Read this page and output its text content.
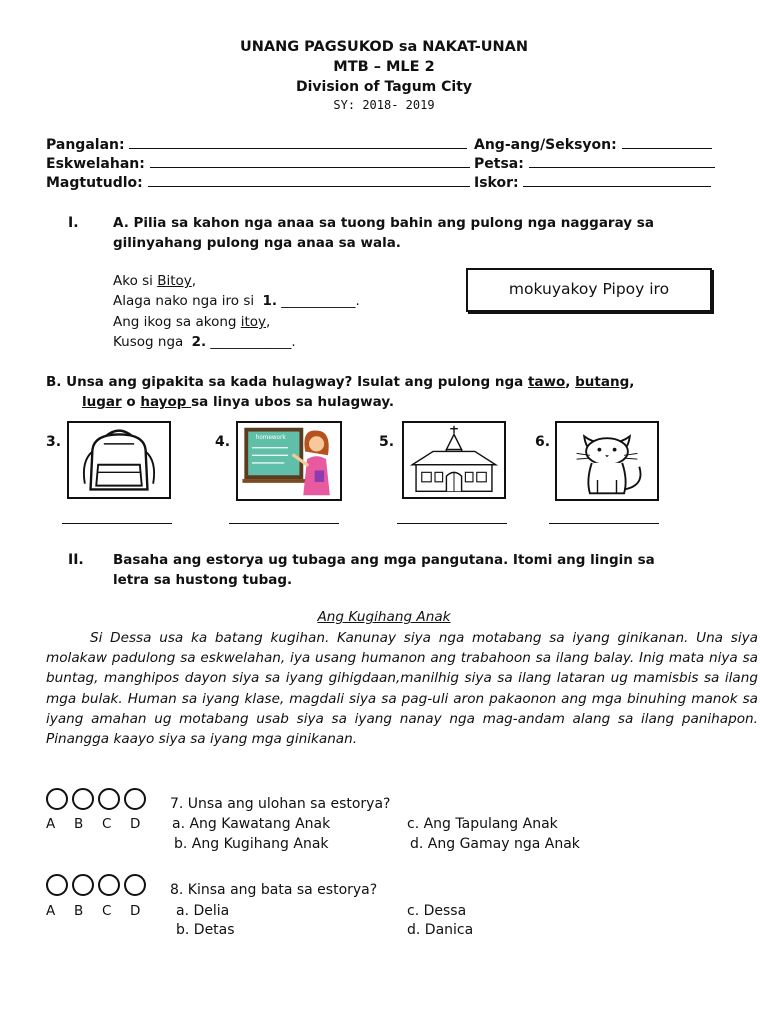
UNANG PAGSUKOD sa NAKAT-UNAN
MTB – MLE 2
Division of Tagum City
SY: 2018- 2019
Pangalan:	Ang-ang/Seksyon:
Eskwelahan:	Petsa:
Magtutudlo:	Iskor:
I.	A. Pilia sa kahon nga anaa sa tuong bahin ang pulong nga naggaray sa
gilinyahang pulong nga anaa sa wala.
Ako si Bitoy,
Alaga nako nga iro si 1. ___________.
Ang ikog sa akong itoy,
Kusog nga 2. ____________.
mokuyakoy Pipoy iro
B. Unsa ang gipakita sa kada hulagway? Isulat ang pulong nga tawo, butang,
lugar o hayop sa linya ubos sa hulagway.
3.	4.	5.	6.
homework
II. Basaha ang estorya ug tubaga ang mga pangutana. Itomi ang lingin sa
letra sa hustong tubag.
Ang Kugihang Anak

Si Dessa usa ka batang kugihan. Kanunay siya nga motabang sa iyang ginikanan. Una siya molakaw padulong sa eskwelahan, iya usang humanon ang trabahoon sa ilang balay. Inig mata niya sa buntag, manghipos dayon siya sa iyang gihigdaan,manilhig siya sa ilang lataran ug mamisbis sa ilang mga bulak. Human sa iyang klase, magdali siya sa pag-uli aron pakaonon ang mga binuhing manok sa iyang amahan ug motabang usab siya sa iyang nanay nga mag-andam alang sa ilang panihapon. Pinangga kaayo siya sa iyang mga ginikanan.

A B C D
7. Unsa ang ulohan sa estorya?
a. Ang Kawatang Anak	c. Ang Tapulang Anak
b. Ang Kugihang Anak	d. Ang Gamay nga Anak
A B C D
8. Kinsa ang bata sa estorya?
a. Delia	c. Dessa
b. Detas	d. Danica
